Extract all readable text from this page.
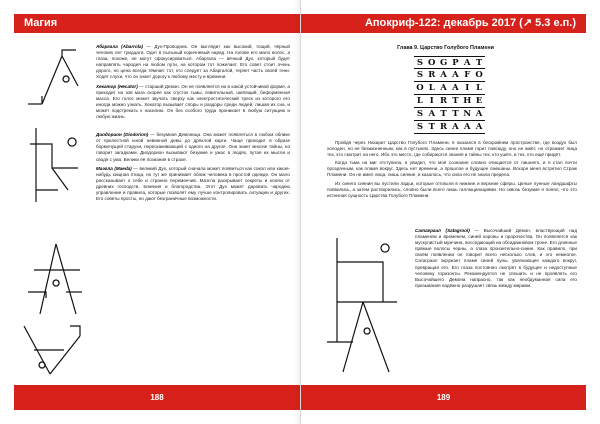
Магия

Абаргала (Abarrola) — Дух-Проводник. Он выглядит как высокий, тощий, чёрный человек лет тридцати. Одет в пыльный коричневый наряд. На голове его мало волос, а глаза, похоже, не могут сфокусироваться. Абаргала — вечный Дух, который будет направлять чародея на любом пути, на котором тот пожелает. Его совет стоит очень дорого, но цена всегда тёмная: тот, кто следует за Абаргалой, теряет часть своей тени. Ходят слухи, что он знает дорогу к любому месту и времени.

Хекатор (Hecator) — старший Демон. Он не появляется ни в какой устойчивой форме, а приходит на зов мага скорее как сгусток тьмы, язвительный, шипящий, беформенная масса. Его голос может звучать сверху как электростатический треск из которого его иногда можно узнать. Хекатор вызывает споры и раздоры среди людей, лишая их сна, и может подстрекать к насилию. Он без особого труда проникает в любую ситуацию и любую жизнь.

Диодорион (Diodorion) — безумная Демоница. Она может появляться в любом облике от прелестной юной невинной девы до дряхлой карги. Чаще приходит в образе бормочущей старухи, перескакивающей с одного на другое. Она знает многие тайны, но говорит загадками. Диодорион вызывают безумие и ужас в людях, путая их мысли и сводя с ума. Велики её познания в страхе.

Маэгла (Maeda) — великий Дух, который сначала может появиться как сокол или какая-нибудь хищная птица, но тут же принимает облик человека в простой одежде. Он мало рассказывает о себе и странно переменчив. Маэгла раскрывает секреты и ключи от древних господств, влияния и благородства. Этот Дух может даровать чародею управление и правила, которые позволят ему лучше контролировать ситуации и других. Его советы просты, но дают безграничные возможности.

188
Апокриф-122: декабрь 2017 (↗ 5.3 е.п.)
Глава 9. Царство Голубого Пламени
S O G P A T
S R A A F O
O L A A I L
L I R T H E
S A T T N A
S T R A A A

Пройдя через Нахарит Царство Голубого Пламени, я оказался в бескрайнем пространстве, где воздух был холоден, но не безжизненным, как в пустынях. Здесь синее пламя горит повсюду, оно не жжёт, но отражает лица тех, кто смотрит на него. Ибо это место, где собираются знания и тайны тех, кто ушёл, и тех, кто ещё придёт.

Когда тьма на миг отступила, я увидел, что моё сознание словно очищается от лишнего, и я стал почти прозрачным, как пламя вокруг. Здесь нет времени, а прошлое и будущее смешаны. Вскоре меня встретил Страж Пламени. Он не имел лица, лишь сияние, и казалось, что сила его не знала предела.

Из синего сияния вы пустили ладьи, которые отплыли в нижние и верхние сферы. Целые лунные ландшафты появились, а затем растворились, словно были всего лишь галлюцинациями. Но сквозь безумие я понял, что это истинная сущность Царства Голубого Пламени.

Сатаграал (Satagrool) — Высочайший Демон, властвующий над пламенем и временем, синей короны и пророчества. Он появляется как мускулистый мужчина, восседающий на обсидиановом троне. Его длинные прямые волосы черны, а глаза пронзительно-синие. Как правило, при своём появлении он говорит всего несколько слов, и это немногое. Сатаграал окружает пламя синей луны, увлекающее каждого вокруг, превращая его. Его глаза постоянно смотрят в будущее и недоступные человеку горизонты. Рекомендуется не спешить и не проявлять его Высочайшего Демона напрасно, так как необдуманная сила его призывания надёжно разрушает связь между мирами.

189
